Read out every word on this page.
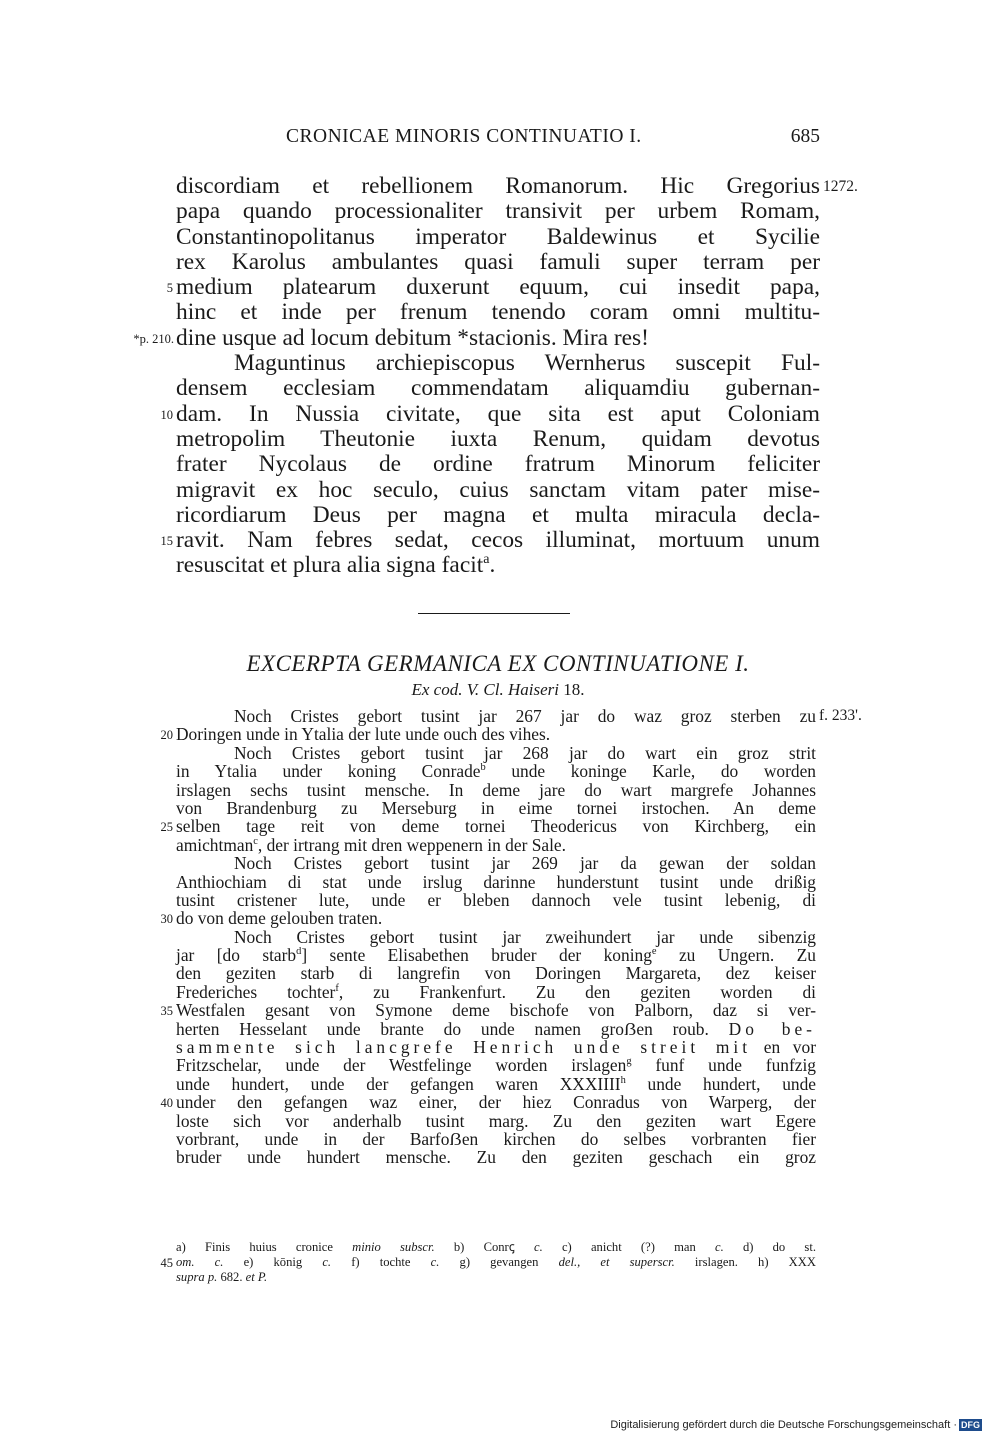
CRONICAE MINORIS CONTINUATIO I.	685
discordiam et rebellionem Romanorum. Hic Gregorius 1272.
papa quando processionaliter transivit per urbem Romam,
Constantinopolitanus imperator Baldewinus et Sycilie
rex Karolus ambulantes quasi famuli super terram per
5 medium platearum duxerunt equum, cui insedit papa,
hinc et inde per frenum tenendo coram omni multitu-
*p. 210. dine usque ad locum debitum *stacionis. Mira res!
Maguntinus archiepiscopus Wernherus suscepit Ful-
densem ecclesiam commendatam aliquamdiu gubernan-
10 dam. In Nussia civitate, que sita est aput Coloniam
metropolim Theutonie iuxta Renum, quidam devotus
frater Nycolaus de ordine fratrum Minorum feliciter
migravit ex hoc seculo, cuius sanctam vitam pater mise-
ricordiarum Deus per magna et multa miracula decla-
15 ravit. Nam febres sedat, cecos illuminat, mortuum unum
resuscitat et plura alia signa facit$^a$.
EXCERPTA GERMANICA EX CONTINUATIONE I.
Ex cod. V. Cl. Haiseri 18.
Noch Cristes gebort tusint jar 267 jar do waz groz sterben zu f. 233'.
20 Doringen unde in Ytalia der lute unde ouch des vihes.
Noch Cristes gebort tusint jar 268 jar do wart ein groz strit
in Ytalia under koning Conrade$^b$ unde koninge Karle, do worden
irslagen sechs tusint mensche. In deme jare do wart margrefe Johannes
von Brandenburg zu Merseburg in eime tornei irstochen. An deme
25 selben tage reit von deme tornei Theodericus von Kirchberg, ein
amichtman$^c$, der irtrang mit dren weppenern in der Sale.
Noch Cristes gebort tusint jar 269 jar da gewan der soldan
Anthiochiam di stat unde irslug darinne hunderstunt tusint unde drißig
tusint cristener lute, unde er bleben dannoch vele tusint lebenig, di
30 do von deme gelouben traten.
Noch Cristes gebort tusint jar zweihundert jar unde sibenzig
jar [do starb$^d$] sente Elisabethen bruder der koning$^e$ zu Ungern. Zu
den geziten starb di langrefin von Doringen Margareta, dez keiser
Frederiches tochter$^f$, zu Frankenfurt. Zu den geziten worden di
35 Westfalen gesant von Symone deme bischofe von Palborn, daz si ver-
herten Hesselant unde brante do unde namen groẞen roub. Do be-
sammente sich lancgrefe Henrich unde streit mit en vor
Fritzschelar, unde der Westfelinge worden irslagen$^g$ funf unde funfzig
unde hundert, unde der gefangen waren XXXIIII$^h$ unde hundert, unde
40 under den gefangen waz einer, der hiez Conradus von Warperg, der
loste sich vor anderhalb tusint marg. Zu den geziten wart Egere
vorbrant, unde in der Barfoẞen kirchen do selbes vorbranten fier
bruder unde hundert mensche. Zu den geziten geschach ein groz
a) Finis huius cronice minio subscr. b) Conrꞔ c. c) anicht (?) man c. d) do st.
45 om. c. e) kōnig c. f) tochte c. g) gevangen del., et superscr. irslagen. h) XXX
supra p. 682. et P.
Digitalisierung gefördert durch die Deutsche Forschungsgemeinschaft · DFG
